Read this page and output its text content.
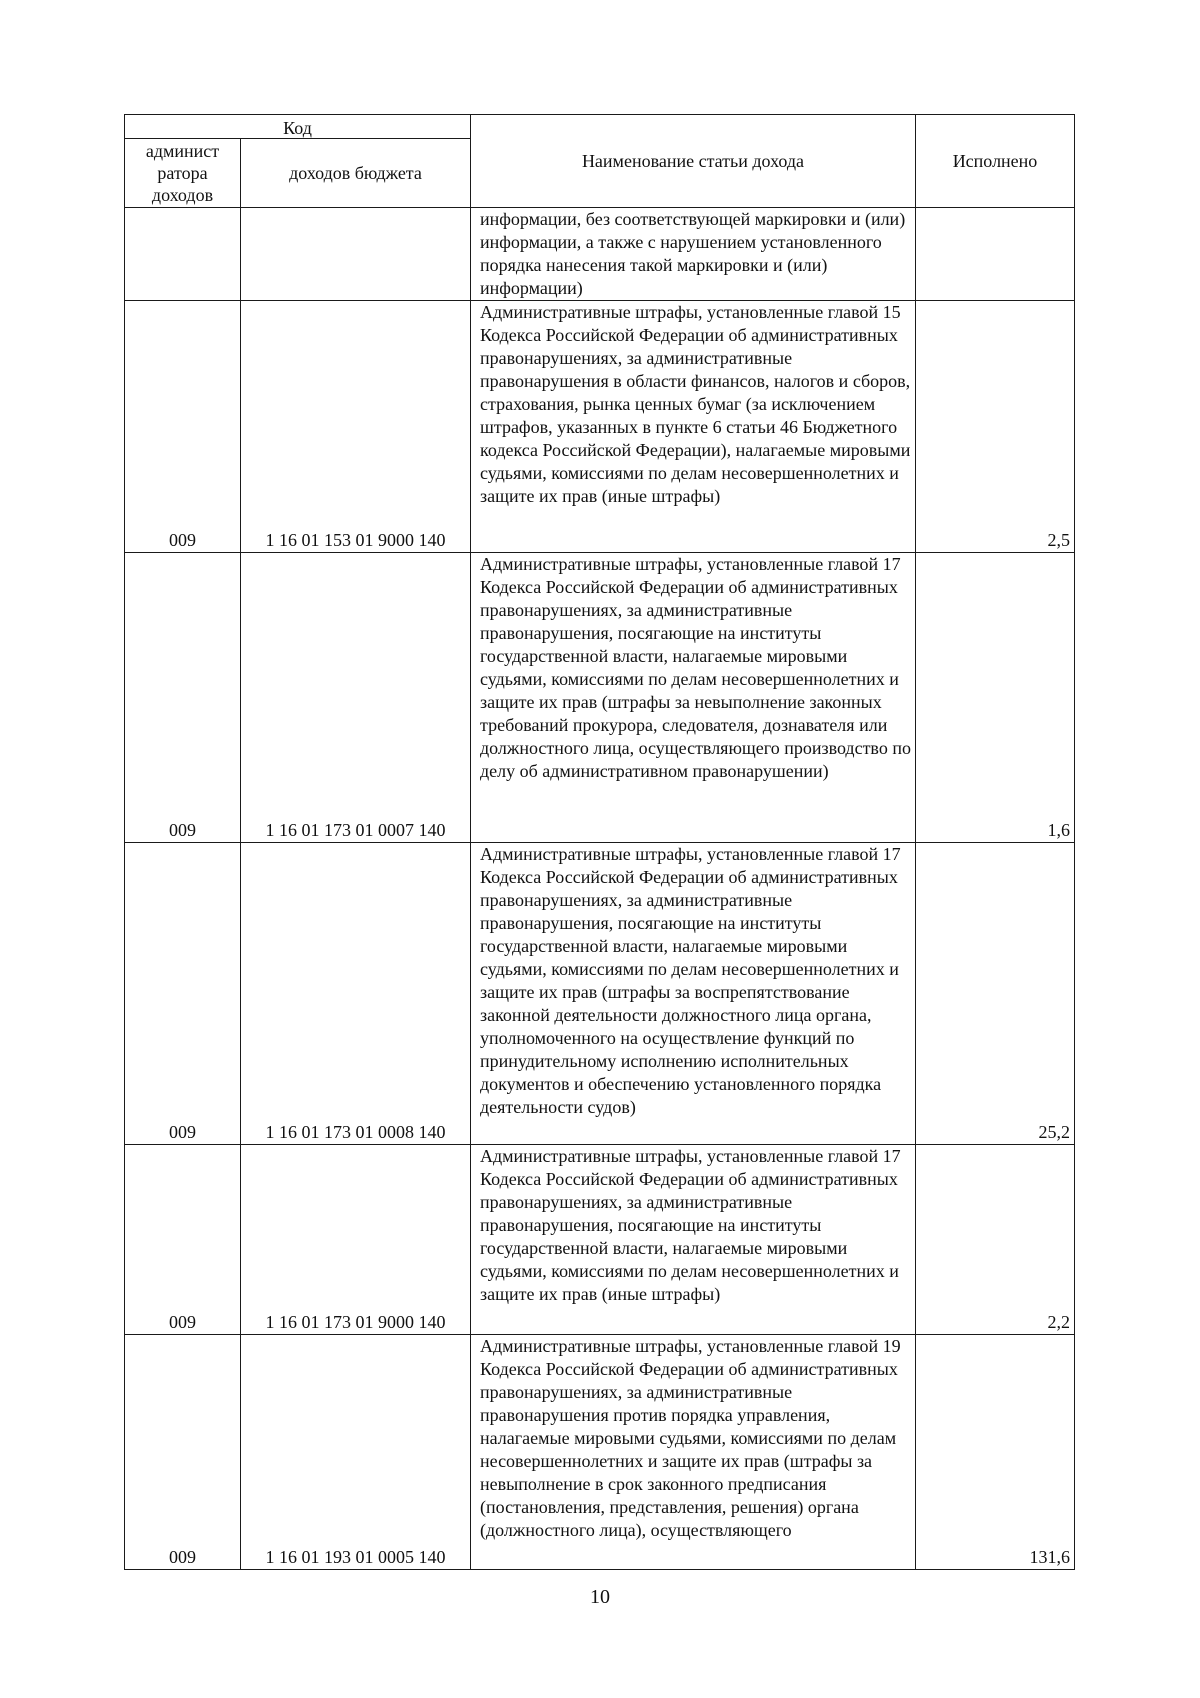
Код		Наименование статьи дохода	Исполнено
админист
ратора
доходов	доходов бюджета		
		информации, без соответствующей маркировки и (или) информации, а также с нарушением установленного порядка нанесения такой маркировки и (или) информации)	
009	1 16 01 153 01 9000 140	Административные штрафы, установленные главой 15 Кодекса Российской Федерации об административных правонарушениях, за административные правонарушения в области финансов, налогов и сборов, страхования, рынка ценных бумаг (за исключением штрафов, указанных в пункте 6 статьи 46 Бюджетного кодекса Российской Федерации), налагаемые мировыми судьями, комиссиями по делам несовершеннолетних и защите их прав (иные штрафы)	2,5
009	1 16 01 173 01 0007 140	Административные штрафы, установленные главой 17 Кодекса Российской Федерации об административных правонарушениях, за административные правонарушения, посягающие на институты государственной власти, налагаемые мировыми судьями, комиссиями по делам несовершеннолетних и защите их прав (штрафы за невыполнение законных требований прокурора, следователя, дознавателя или должностного лица, осуществляющего производство по делу об административном правонарушении)	1,6
009	1 16 01 173 01 0008 140	Административные штрафы, установленные главой 17 Кодекса Российской Федерации об административных правонарушениях, за административные правонарушения, посягающие на институты государственной власти, налагаемые мировыми судьями, комиссиями по делам несовершеннолетних и защите их прав (штрафы за воспрепятствование законной деятельности должностного лица органа, уполномоченного на осуществление функций по принудительному исполнению исполнительных документов и обеспечению установленного порядка деятельности судов)	25,2
009	1 16 01 173 01 9000 140	Административные штрафы, установленные главой 17 Кодекса Российской Федерации об административных правонарушениях, за административные правонарушения, посягающие на институты государственной власти, налагаемые мировыми судьями, комиссиями по делам несовершеннолетних и защите их прав (иные штрафы)	2,2
009	1 16 01 193 01 0005 140	Административные штрафы, установленные главой 19 Кодекса Российской Федерации об административных правонарушениях, за административные правонарушения против порядка управления, налагаемые мировыми судьями, комиссиями по делам несовершеннолетних и защите их прав (штрафы за невыполнение в срок законного предписания (постановления, представления, решения) органа (должностного лица), осуществляющего	131,6
10
